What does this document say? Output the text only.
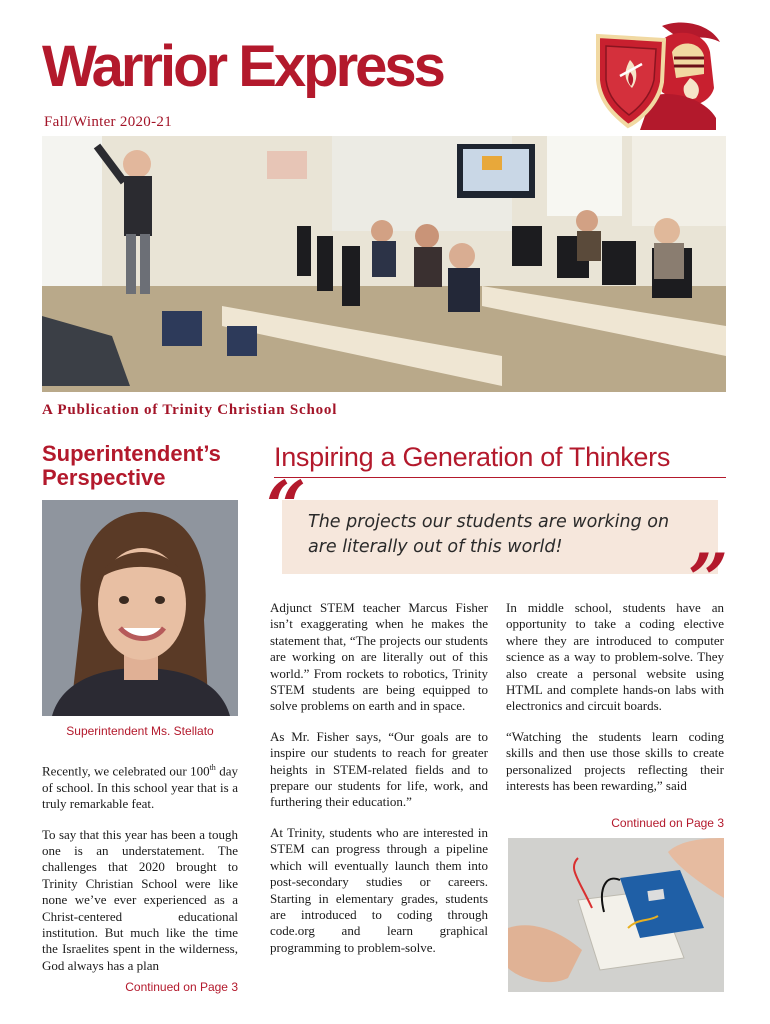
Warrior Express
Fall/Winter 2020-21
A Publication of Trinity Christian School
Superintendent’s
Perspective
Superintendent Ms. Stellato

Recently, we celebrated our 100th day of school. In this school year that is a truly remarkable feat.

To say that this year has been a tough one is an understatement. The challenges that 2020 brought to Trinity Christian School were like none we’ve ever experienced as a Christ-centered educational institution. But much like the time the Israelites spent in the wilderness, God always has a plan

Continued on Page 3
Inspiring a Generation of Thinkers
The projects our students are working on are literally out of this world!
“
”

Adjunct STEM teacher Marcus Fisher isn’t exaggerating when he makes the statement that, “The projects our students are working on are literally out of this world.” From rockets to robotics, Trinity STEM students are being equipped to solve problems on earth and in space.

As Mr. Fisher says, “Our goals are to inspire our students to reach for greater heights in STEM-related fields and to prepare our students for life, work, and furthering their education.”

At Trinity, students who are interested in STEM can progress through a pipeline which will eventually launch them into post-secondary studies or careers. Starting in elementary grades, students are introduced to coding through code.org and learn graphical programming to problem-solve.

In middle school, students have an opportunity to take a coding elective where they are introduced to computer science as a way to problem-solve. They also create a personal website using HTML and complete hands-on labs with electronics and circuit boards.

“Watching the students learn coding skills and then use those skills to create personalized projects reflecting their interests has been rewarding,” said

Continued on Page 3
